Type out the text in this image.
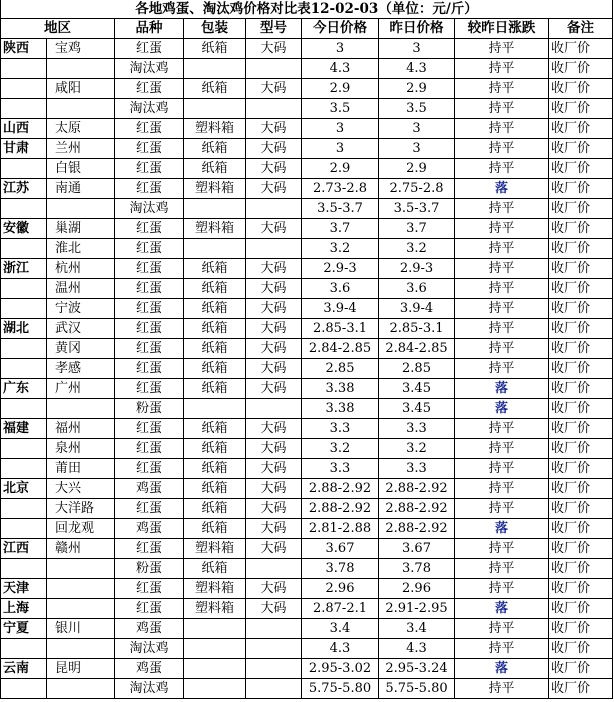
各地鸡蛋、淘汰鸡价格对比表12-02-03（单位：元/斤）								
地区		品种	包装	型号	今日价格	昨日价格	较昨日涨跌	备注
陕西	宝鸡	红蛋	纸箱	大码	3	3	持平	收厂价
		淘汰鸡			4.3	4.3	持平	收厂价
	咸阳	红蛋	纸箱	大码	2.9	2.9	持平	收厂价
		淘汰鸡			3.5	3.5	持平	收厂价
山西	太原	红蛋	塑料箱	大码	3	3	持平	收厂价
甘肃	兰州	红蛋	纸箱	大码	3	3	持平	收厂价
	白银	红蛋	纸箱	大码	2.9	2.9	持平	收厂价
江苏	南通	红蛋	塑料箱	大码	2.73-2.8	2.75-2.8	落	收厂价
		淘汰鸡			3.5-3.7	3.5-3.7	持平	收厂价
安徽	巢湖	红蛋	塑料箱	大码	3.7	3.7	持平	收厂价
	淮北	红蛋			3.2	3.2	持平	收厂价
浙江	杭州	红蛋	纸箱	大码	2.9-3	2.9-3	持平	收厂价
	温州	红蛋	纸箱	大码	3.6	3.6	持平	收厂价
	宁波	红蛋	纸箱	大码	3.9-4	3.9-4	持平	收厂价
湖北	武汉	红蛋	纸箱	大码	2.85-3.1	2.85-3.1	持平	收厂价
	黄冈	红蛋	纸箱	大码	2.84-2.85	2.84-2.85	持平	收厂价
	孝感	红蛋	纸箱	大码	2.85	2.85	持平	收厂价
广东	广州	红蛋	纸箱	大码	3.38	3.45	落	收厂价
		粉蛋			3.38	3.45	落	收厂价
福建	福州	红蛋	纸箱	大码	3.3	3.3	持平	收厂价
	泉州	红蛋	纸箱	大码	3.2	3.2	持平	收厂价
	莆田	红蛋	纸箱	大码	3.3	3.3	持平	收厂价
北京	大兴	鸡蛋	纸箱	大码	2.88-2.92	2.88-2.92	持平	收厂价
	大洋路	红蛋	纸箱	大码	2.88-2.92	2.88-2.92	持平	收厂价
	回龙观	鸡蛋	纸箱	大码	2.81-2.88	2.88-2.92	落	收厂价
江西	赣州	红蛋	塑料箱	大码	3.67	3.67	持平	收厂价
		粉蛋	纸箱		3.78	3.78	持平	收厂价
天津		红蛋	塑料箱	大码	2.96	2.96	持平	收厂价
上海		红蛋	塑料箱	大码	2.87-2.1	2.91-2.95	落	收厂价
宁夏	银川	鸡蛋			3.4	3.4	持平	收厂价
		淘汰鸡			4.3	4.3	持平	收厂价
云南	昆明	鸡蛋			2.95-3.02	2.95-3.24	落	收厂价
		淘汰鸡			5.75-5.80	5.75-5.80	持平	收厂价
